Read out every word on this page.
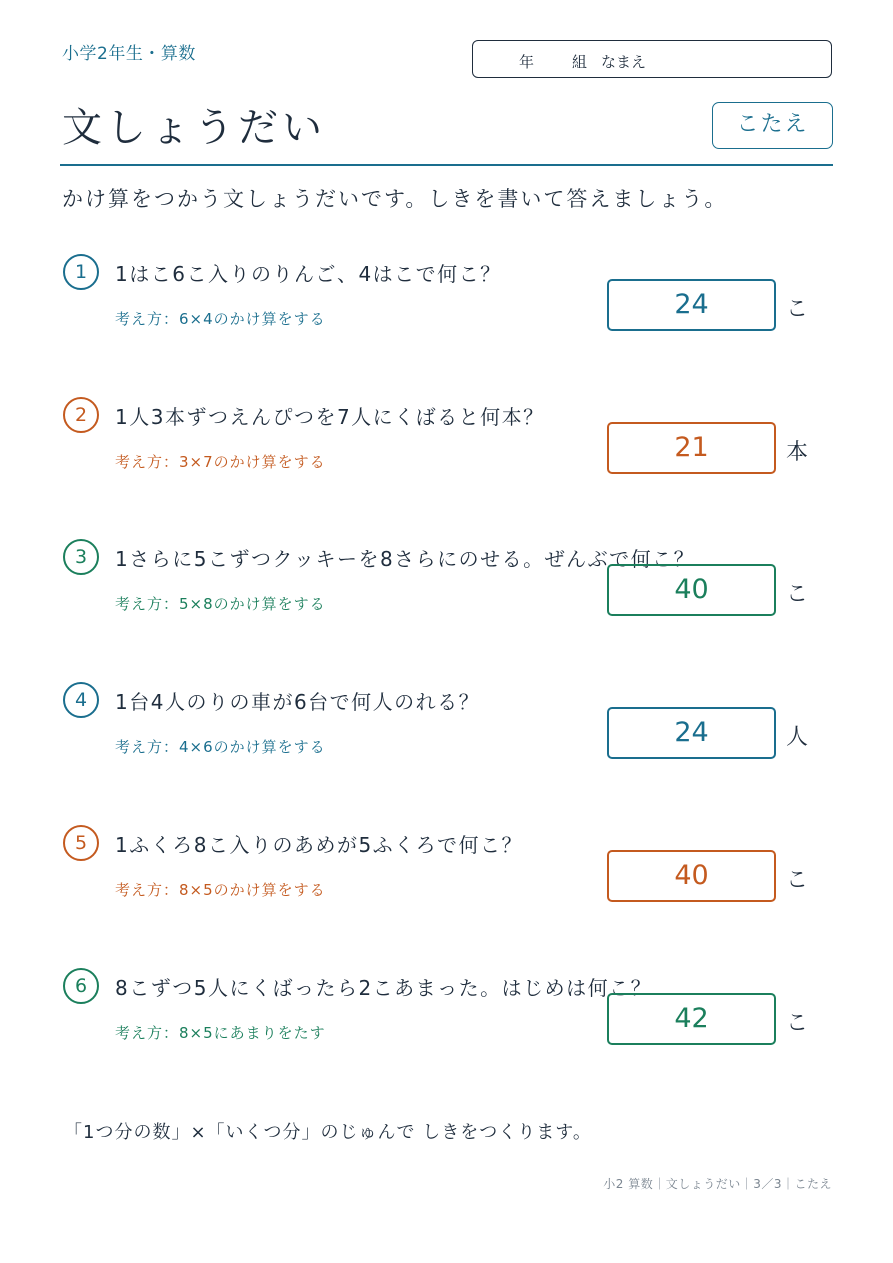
小学2年生・算数	年	組 なまえ
文しょうだい	こたえ
かけ算をつかう文しょうだいです。しきを書いて答えましょう。
1	1はこ6こ入りのりんご、4はこで何こ？
考え方：6×4のかけ算をする	24	こ
2	1人3本ずつえんぴつを7人にくばると何本？
考え方：3×7のかけ算をする	21	本
3	1さらに5こずつクッキーを8さらにのせる。ぜんぶで何こ？
考え方：5×8のかけ算をする	40	こ
4	1台4人のりの車が6台で何人のれる？
考え方：4×6のかけ算をする	24	人
5	1ふくろ8こ入りのあめが5ふくろで何こ？
考え方：8×5のかけ算をする	40	こ
6	8こずつ5人にくばったら2こあまった。はじめは何こ？
考え方：8×5にあまりをたす	42	こ
「1つ分の数」×「いくつ分」のじゅんで しきをつくります。
小2 算数｜文しょうだい｜3／3｜こたえ
